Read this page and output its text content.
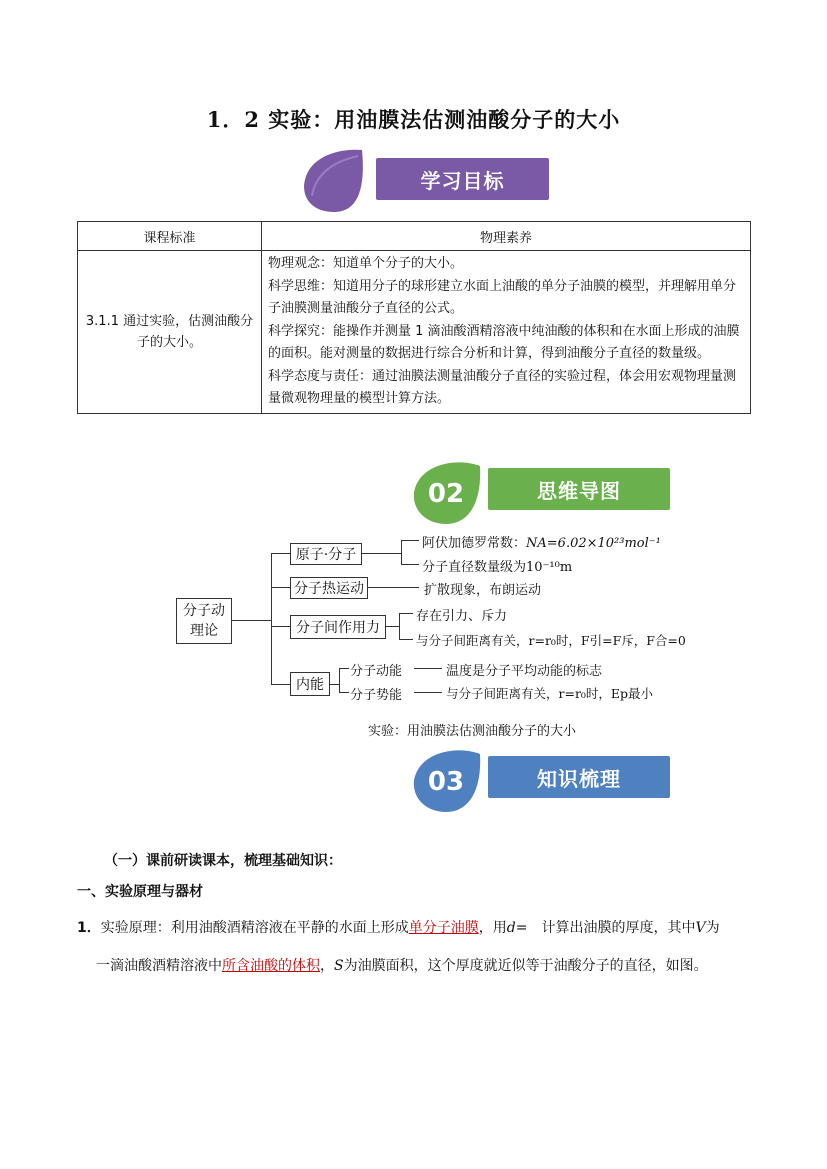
1．2 实验：用油膜法估测油酸分子的大小
学习目标
课程标准	物理素养
3.1.1 通过实验，估测油酸分子的大小。	物理观念：知道单个分子的大小。
科学思维：知道用分子的球形建立水面上油酸的单分子油膜的模型，并理解用单分子油膜测量油酸分子直径的公式。
科学探究：能操作并测量 1 滴油酸酒精溶液中纯油酸的体积和在水面上形成的油膜的面积。能对测量的数据进行综合分析和计算，得到油酸分子直径的数量级。
科学态度与责任：通过油膜法测量油酸分子直径的实验过程，体会用宏观物理量测量微观物理量的模型计算方法。
02	思维导图
分子动
理论
原子·分子
阿伏加德罗常数：NA=6.02×10²³mol⁻¹
分子直径数量级为10⁻¹⁰m
分子热运动	扩散现象，布朗运动
分子间作用力
存在引力、斥力
与分子间距离有关，r=r₀时，F引=F斥，F合=0
内能
分子动能	温度是分子平均动能的标志
分子势能	与分子间距离有关，r=r₀时，Ep最小
实验：用油膜法估测油酸分子的大小
03	知识梳理
（一）课前研读课本，梳理基础知识：
一、实验原理与器材
1．实验原理：利用油酸酒精溶液在平静的水面上形成单分子油膜，用d=　计算出油膜的厚度，其中V为
一滴油酸酒精溶液中所含油酸的体积，S为油膜面积，这个厚度就近似等于油酸分子的直径，如图。
